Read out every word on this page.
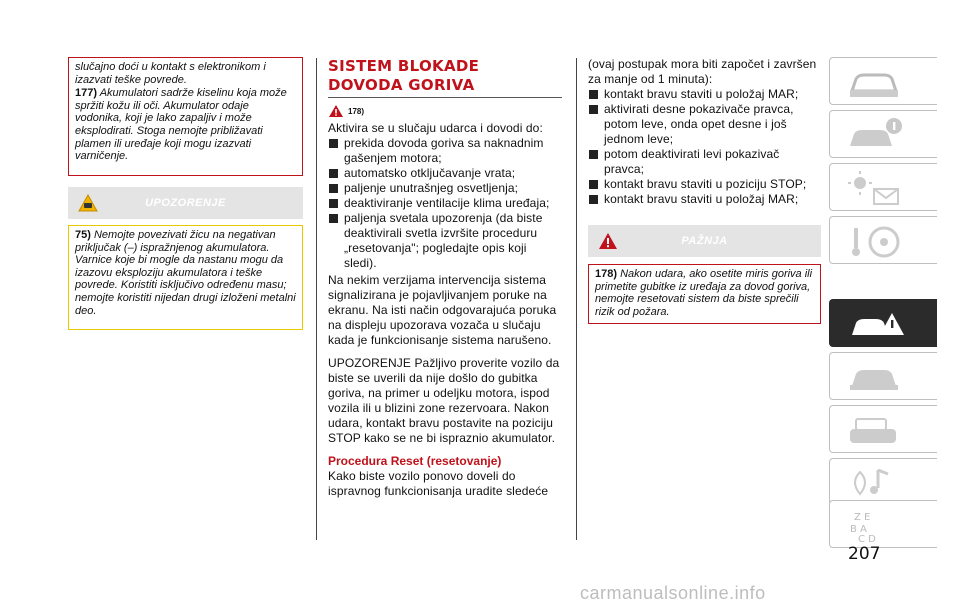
slučajno doći u kontakt s elektronikom i izazvati teške povrede.

177) Akumulatori sadrže kiselinu koja može spržiti kožu ili oči. Akumulator odaje vodonika, koji je lako zapaljiv i može eksplodirati. Stoga nemojte približavati plamen ili uređaje koji mogu izazvati varničenje.

UPOZORENJE

75) Nemojte povezivati žicu na negativan priključak (–) ispražnjenog akumulatora. Varnice koje bi mogle da nastanu mogu da izazovu eksploziju akumulatora i teške povrede. Koristiti isključivo određenu masu; nemojte koristiti nijedan drugi izloženi metalni deo.

SISTEM BLOKADE

DOVODA GORIVA

178)

Aktivira se u slučaju udarca i dovodi do:

prekida dovoda goriva sa naknadnim gašenjem motora;
automatsko otključavanje vrata;
paljenje unutrašnjeg osvetljenja;
deaktiviranje ventilacije klima uređaja;
paljenja svetala upozorenja (da biste deaktivirali svetla izvršite proceduru „resetovanja"; pogledajte opis koji sledi).

Na nekim verzijama intervencija sistema signalizirana je pojavljivanjem poruke na ekranu. Na isti način odgovarajuća poruka na displeju upozorava vozača u slučaju kada je funkcionisanje sistema narušeno.

UPOZORENJE Pažljivo proverite vozilo da biste se uverili da nije došlo do gubitka goriva, na primer u odeljku motora, ispod vozila ili u blizini zone rezervoara. Nakon udara, kontakt bravu postavite na poziciju STOP kako se ne bi ispraznio akumulator.

Procedura Reset (resetovanje)

Kako biste vozilo ponovo doveli do ispravnog funkcionisanja uradite sledeće

(ovaj postupak mora biti započet i završen za manje od 1 minuta):

kontakt bravu staviti u položaj MAR;
aktivirati desne pokazivače pravca, potom leve, onda opet desne i još jednom leve;
potom deaktivirati levi pokazivač pravca;
kontakt bravu staviti u poziciju STOP;
kontakt bravu staviti u položaj MAR;
PAŽNJA

178) Nakon udara, ako osetite miris goriva ili primetite gubitke iz uređaja za dovod goriva, nemojte resetovati sistem da biste sprečili rizik od požara.

Z E
B A
C D
207
carmanualsonline.info
